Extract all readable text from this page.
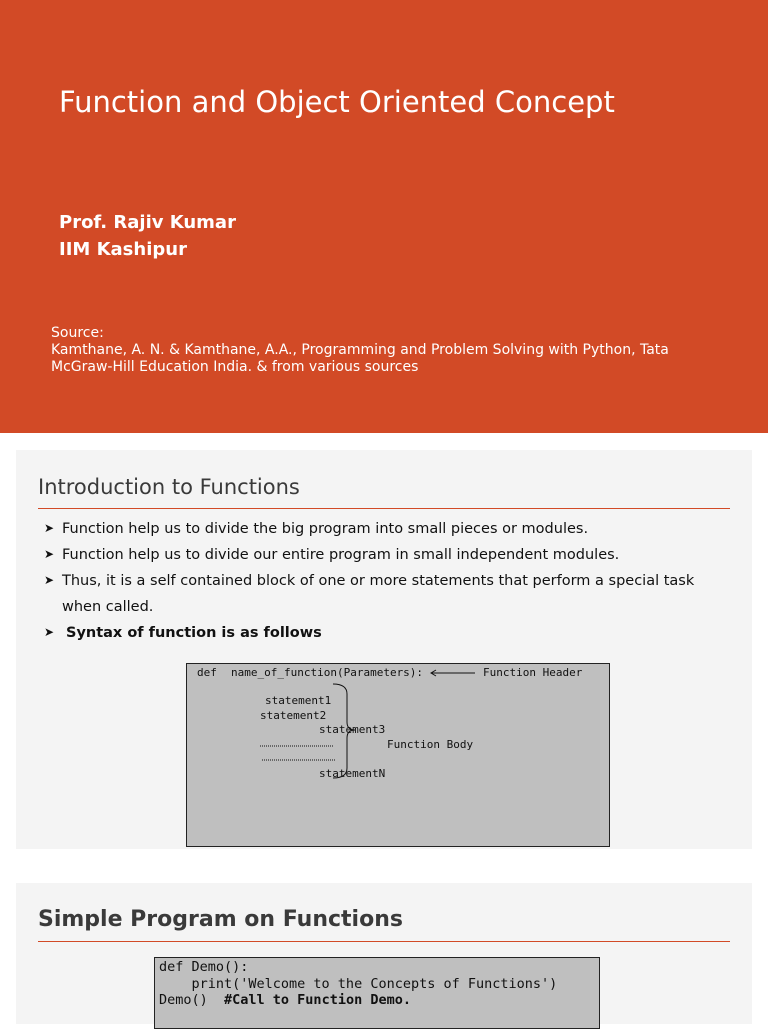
Function and Object Oriented Concept
Prof. Rajiv Kumar
IIM Kashipur
Source:
Kamthane, A. N. & Kamthane, A.A., Programming and Problem Solving with Python, Tata McGraw-Hill Education India. & from various sources
Introduction to Functions
➤ Function help us to divide the big program into small pieces or modules.
➤ Function help us to divide our entire program in small independent modules.
➤ Thus, it is a self contained block of one or more statements that perform a special task when called.
➤ Syntax of function is as follows
def name_of_function(Parameters):	Function Header
statement1
statement2
statement3
Function Body
statementN
Simple Program on Functions
def Demo():
print('Welcome to the Concepts of Functions')
Demo()  #Call to Function Demo.
